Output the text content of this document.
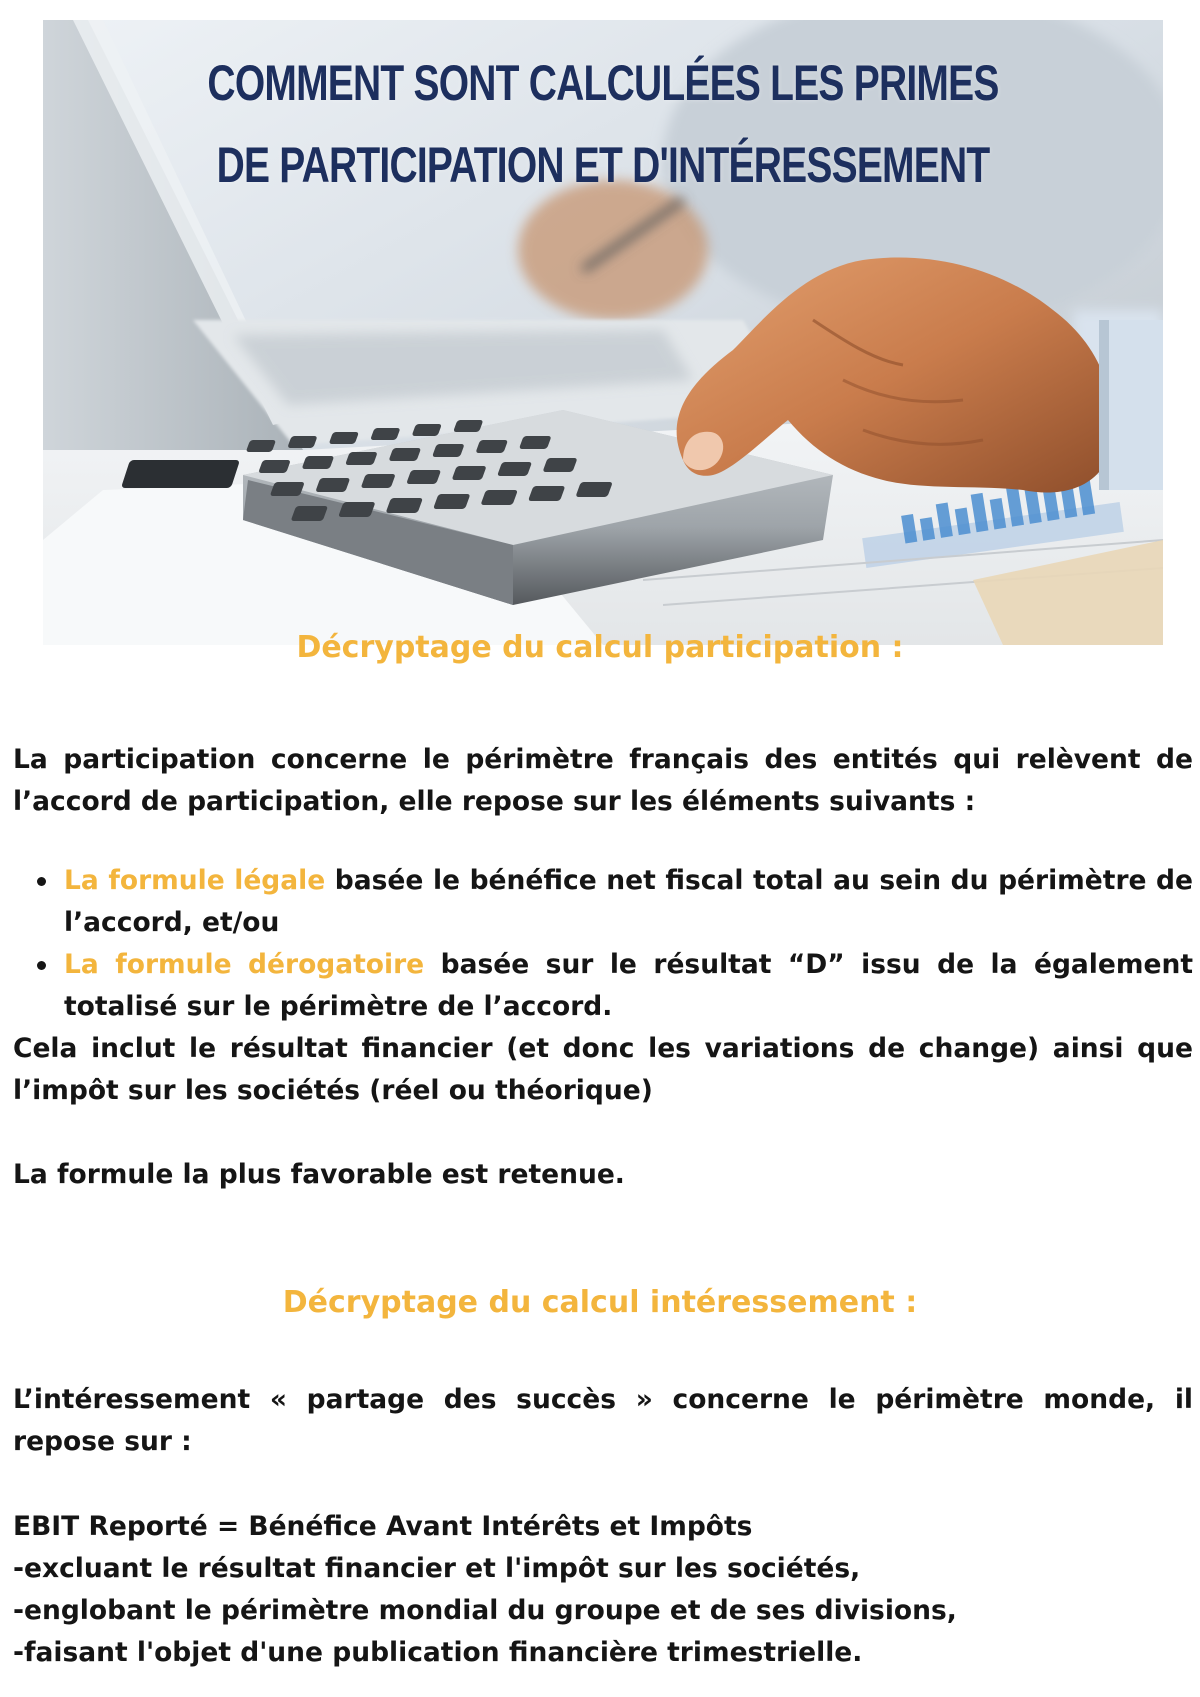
COMMENT SONT CALCULÉES LES PRIMES DE PARTICIPATION ET D'INTÉRESSEMENT
Décryptage du calcul participation :

La participation concerne le périmètre français des entités qui relèvent de l’accord de participation, elle repose sur les éléments suivants :

La formule légale basée le bénéfice net fiscal total au sein du périmètre de l’accord, et/ou
La formule dérogatoire basée sur le résultat “D” issu de la également totalisé sur le périmètre de l’accord.

Cela inclut le résultat financier (et donc les variations de change) ainsi que l’impôt sur les sociétés (réel ou théorique)

La formule la plus favorable est retenue.

Décryptage du calcul intéressement :

L’intéressement « partage des succès » concerne le périmètre monde, il repose sur :

EBIT Reporté = Bénéfice Avant Intérêts et Impôts

-excluant le résultat financier et l'impôt sur les sociétés,

-englobant le périmètre mondial du groupe et de ses divisions,

-faisant l'objet d'une publication financière trimestrielle.
